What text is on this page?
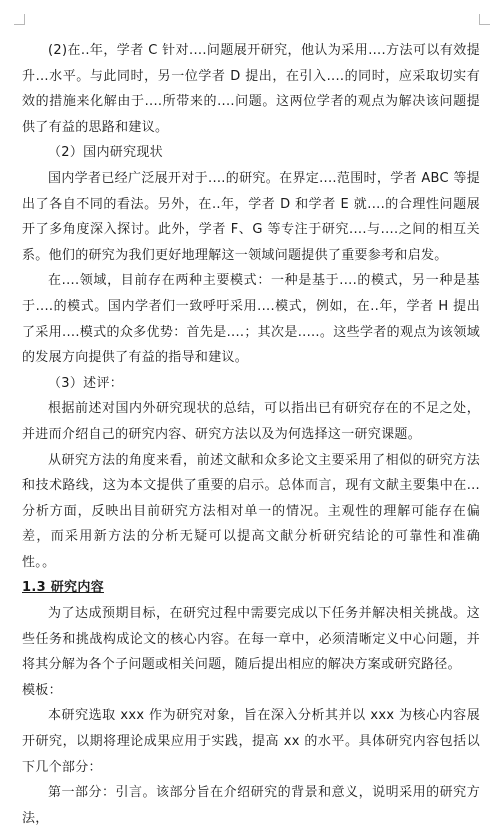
(2)在..年，学者 C 针对....问题展开研究，他认为采用....方法可以有效提升...水平。与此同时，另一位学者 D 提出，在引入....的同时，应采取切实有效的措施来化解由于....所带来的....问题。这两位学者的观点为解决该问题提供了有益的思路和建议。

（2）国内研究现状

国内学者已经广泛展开对于....的研究。在界定....范围时，学者 ABC 等提出了各自不同的看法。另外，在..年，学者 D 和学者 E 就....的合理性问题展开了多角度深入探讨。此外，学者 F、G 等专注于研究....与....之间的相互关系。他们的研究为我们更好地理解这一领域问题提供了重要参考和启发。

在....领域，目前存在两种主要模式：一种是基于....的模式，另一种是基于....的模式。国内学者们一致呼吁采用....模式，例如，在..年，学者 H 提出了采用....模式的众多优势：首先是....；其次是.....。这些学者的观点为该领域的发展方向提供了有益的指导和建议。

（3）述评：

根据前述对国内外研究现状的总结，可以指出已有研究存在的不足之处，并进而介绍自己的研究内容、研究方法以及为何选择这一研究课题。

从研究方法的角度来看，前述文献和众多论文主要采用了相似的研究方法和技术路线，这为本文提供了重要的启示。总体而言，现有文献主要集中在...分析方面，反映出目前研究方法相对单一的情况。主观性的理解可能存在偏差，而采用新方法的分析无疑可以提高文献分析研究结论的可靠性和准确性。。

1.3 研究内容

为了达成预期目标，在研究过程中需要完成以下任务并解决相关挑战。这些任务和挑战构成论文的核心内容。在每一章中，必须清晰定义中心问题，并将其分解为各个子问题或相关问题，随后提出相应的解决方案或研究路径。

模板：

本研究选取 xxx 作为研究对象，旨在深入分析其并以 xxx 为核心内容展开研究，以期将理论成果应用于实践，提高 xx 的水平。具体研究内容包括以下几个部分：

第一部分：引言。该部分旨在介绍研究的背景和意义，说明采用的研究方法，
